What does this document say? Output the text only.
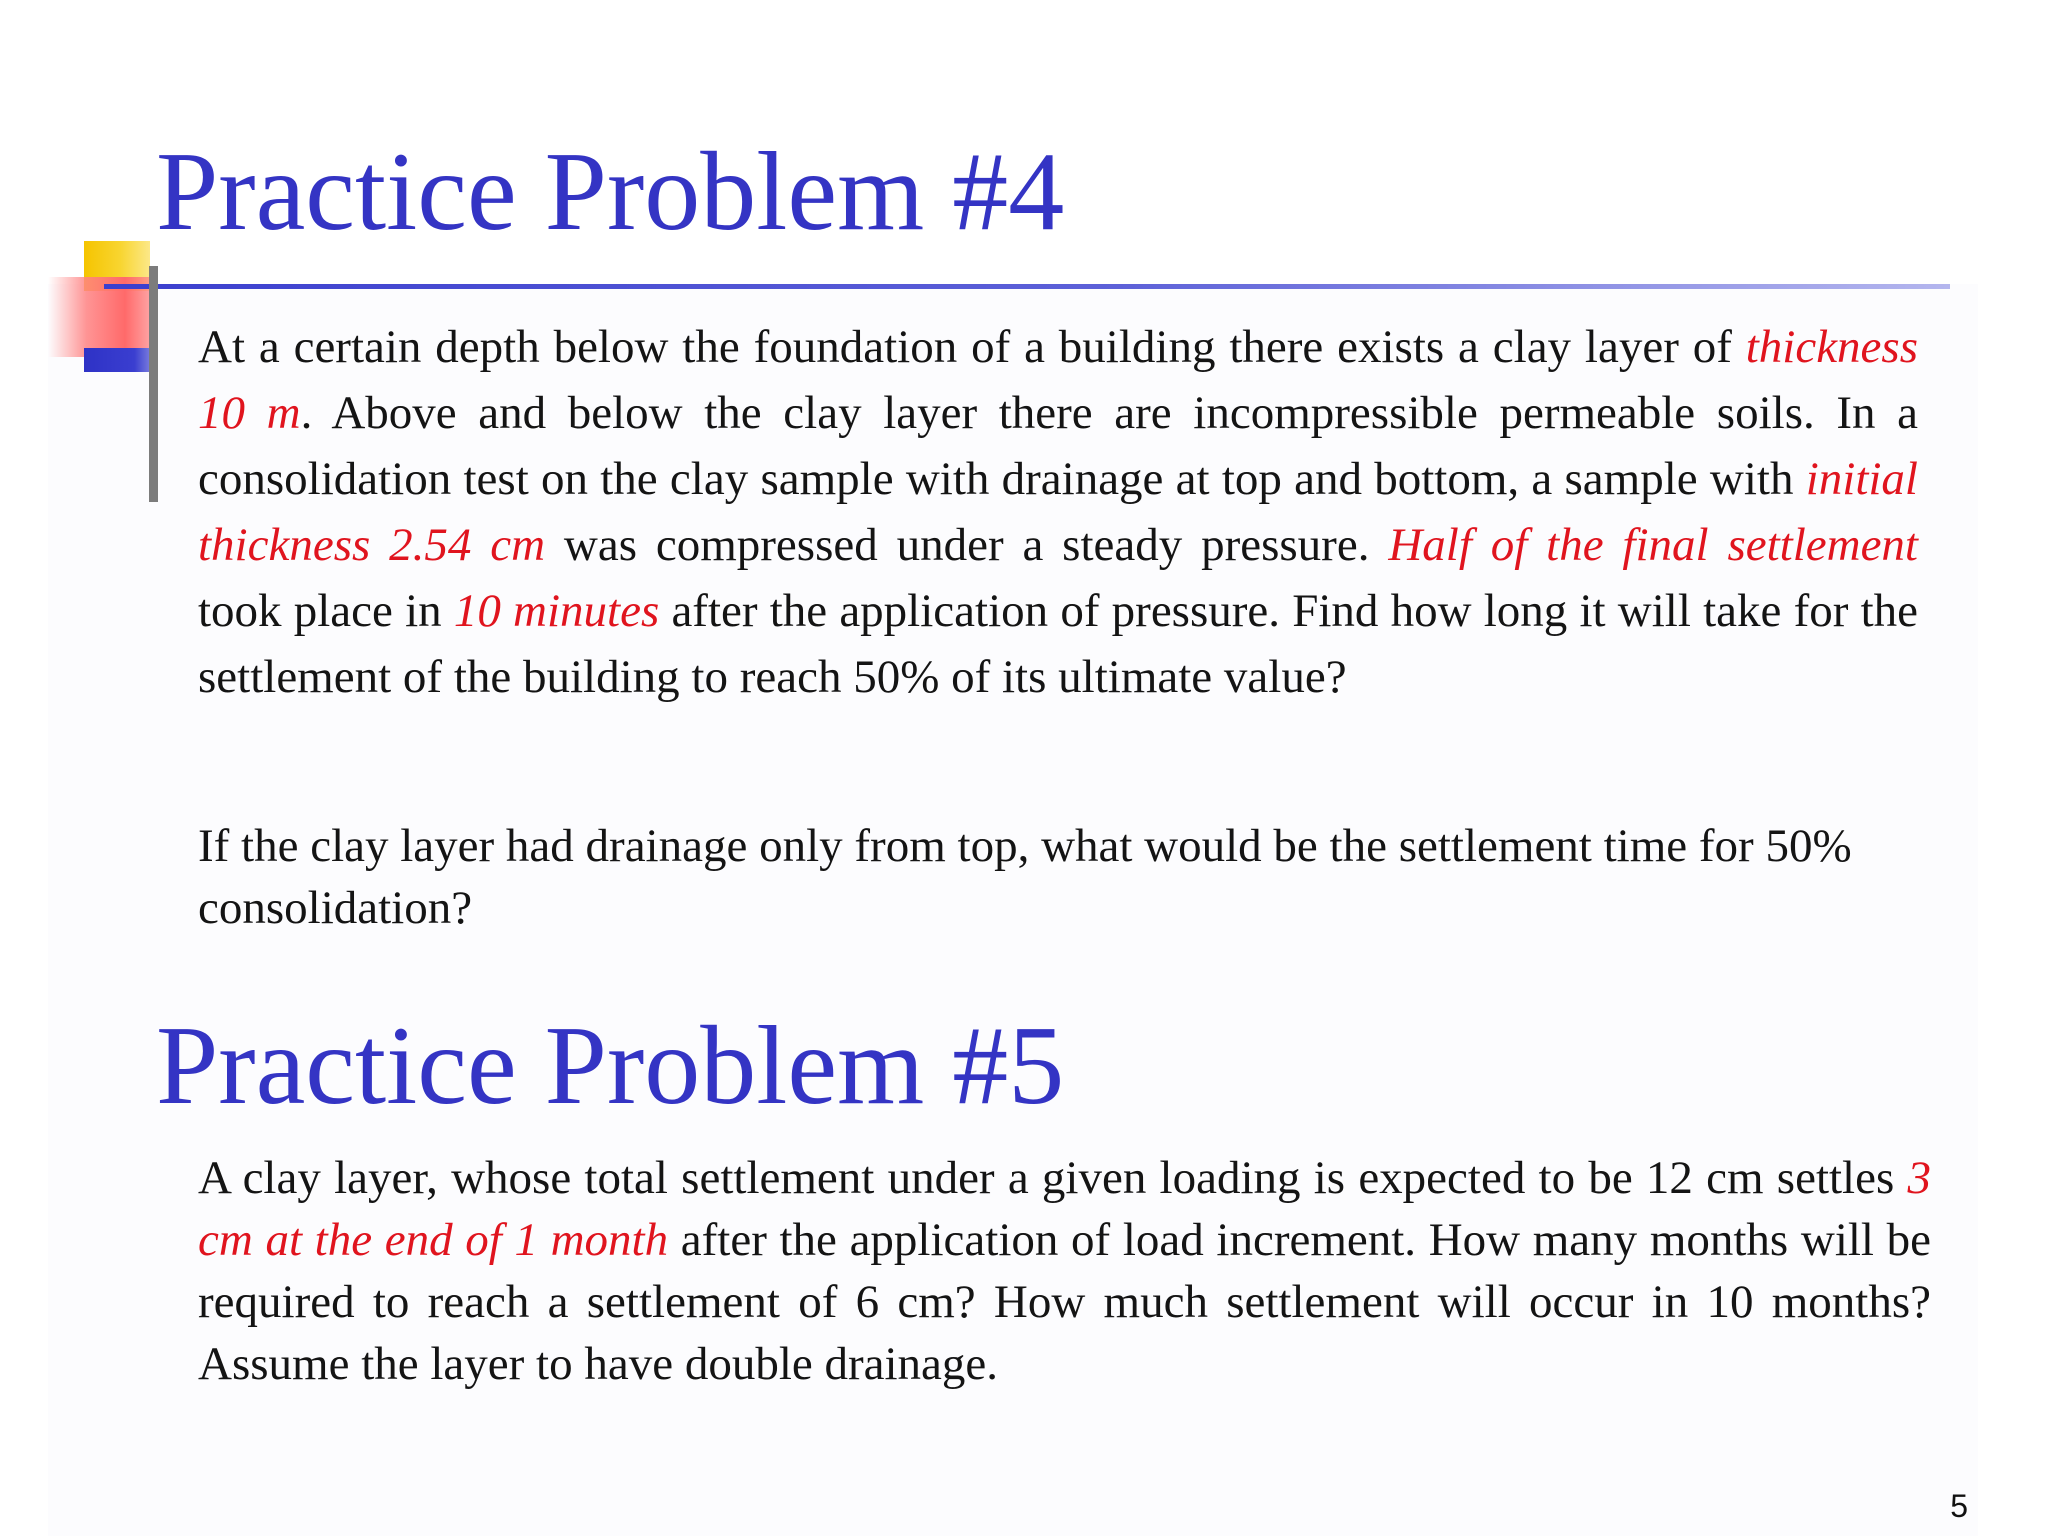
Practice Problem #4

At a certain depth below the foundation of a building there exists a clay layer of thickness 10 m. Above and below the clay layer there are incompressible permeable soils. In a consolidation test on the clay sample with drainage at top and bottom, a sample with initial thickness 2.54 cm was compressed under a steady pressure. Half of the final settlement took place in 10 minutes after the application of pressure. Find how long it will take for the settlement of the building to reach 50% of its ultimate value?

If the clay layer had drainage only from top, what would be the settlement time for 50% consolidation?

Practice Problem #5

A clay layer, whose total settlement under a given loading is expected to be 12 cm settles 3 cm at the end of 1 month after the application of load increment. How many months will be required to reach a settlement of 6 cm? How much settlement will occur in 10 months? Assume the layer to have double drainage.

5
